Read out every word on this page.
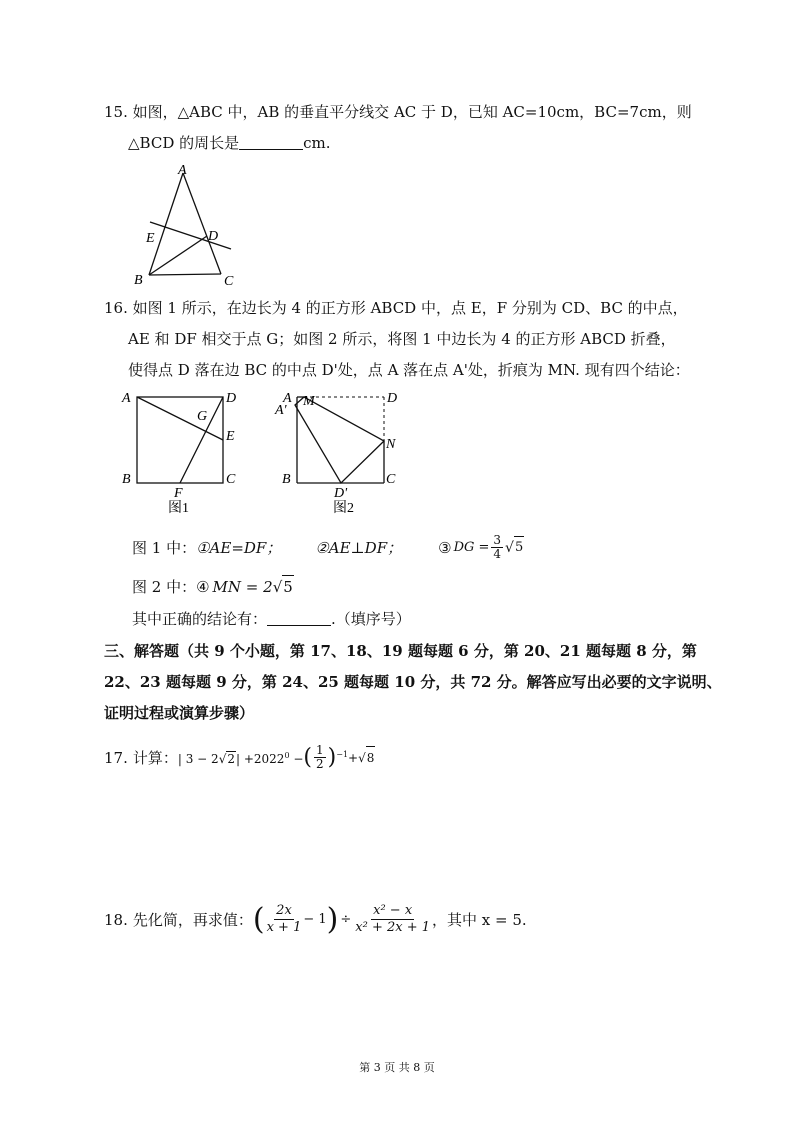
15. 如图，△ABC 中，AB 的垂直平分线交 AC 于 D，已知 AC=10cm，BC=7cm，则
△BCD 的周长是	cm.
A
E	D
B	C
16. 如图 1 所示，在边长为 4 的正方形 ABCD 中，点 E，F 分别为 CD、BC 的中点，
AE 和 DF 相交于点 G；如图 2 所示，将图 1 中边长为 4 的正方形 ABCD 折叠，
使得点 D 落在边 BC 的中点 D'处，点 A 落在点 A'处，折痕为 MN. 现有四个结论：
A	D
G
E
B	C
F
图1
A
A'
M	D
N
B	C
D'
图2
图 1 中： ①AE=DF； ②AE⊥DF； ③ DG = $\frac{3}{4}$ √ 5
图 2 中： ④ MN = 2 √ 5
其中正确的结论有：	.（填序号）
三、解答题（共 9 个小题，第 17、18、19 题每题 6 分，第 20、21 题每题 8 分，第
22、23 题每题 9 分，第 24、25 题每题 10 分，共 72 分。解答应写出必要的文字说明、
证明过程或演算步骤）
17. 计算： | $3 - 2√2| +2022^0$ − ( $\frac{1}{2}$ ) −1 + √ 8
18. 先化简，再求值： ( $\frac{2x}{x + 1} - 1$ ) ÷ $\frac{\text{x² − x}}{\text{x² + 2x + 1}}$ ，其中 x = 5.
第 3 页 共 8 页
